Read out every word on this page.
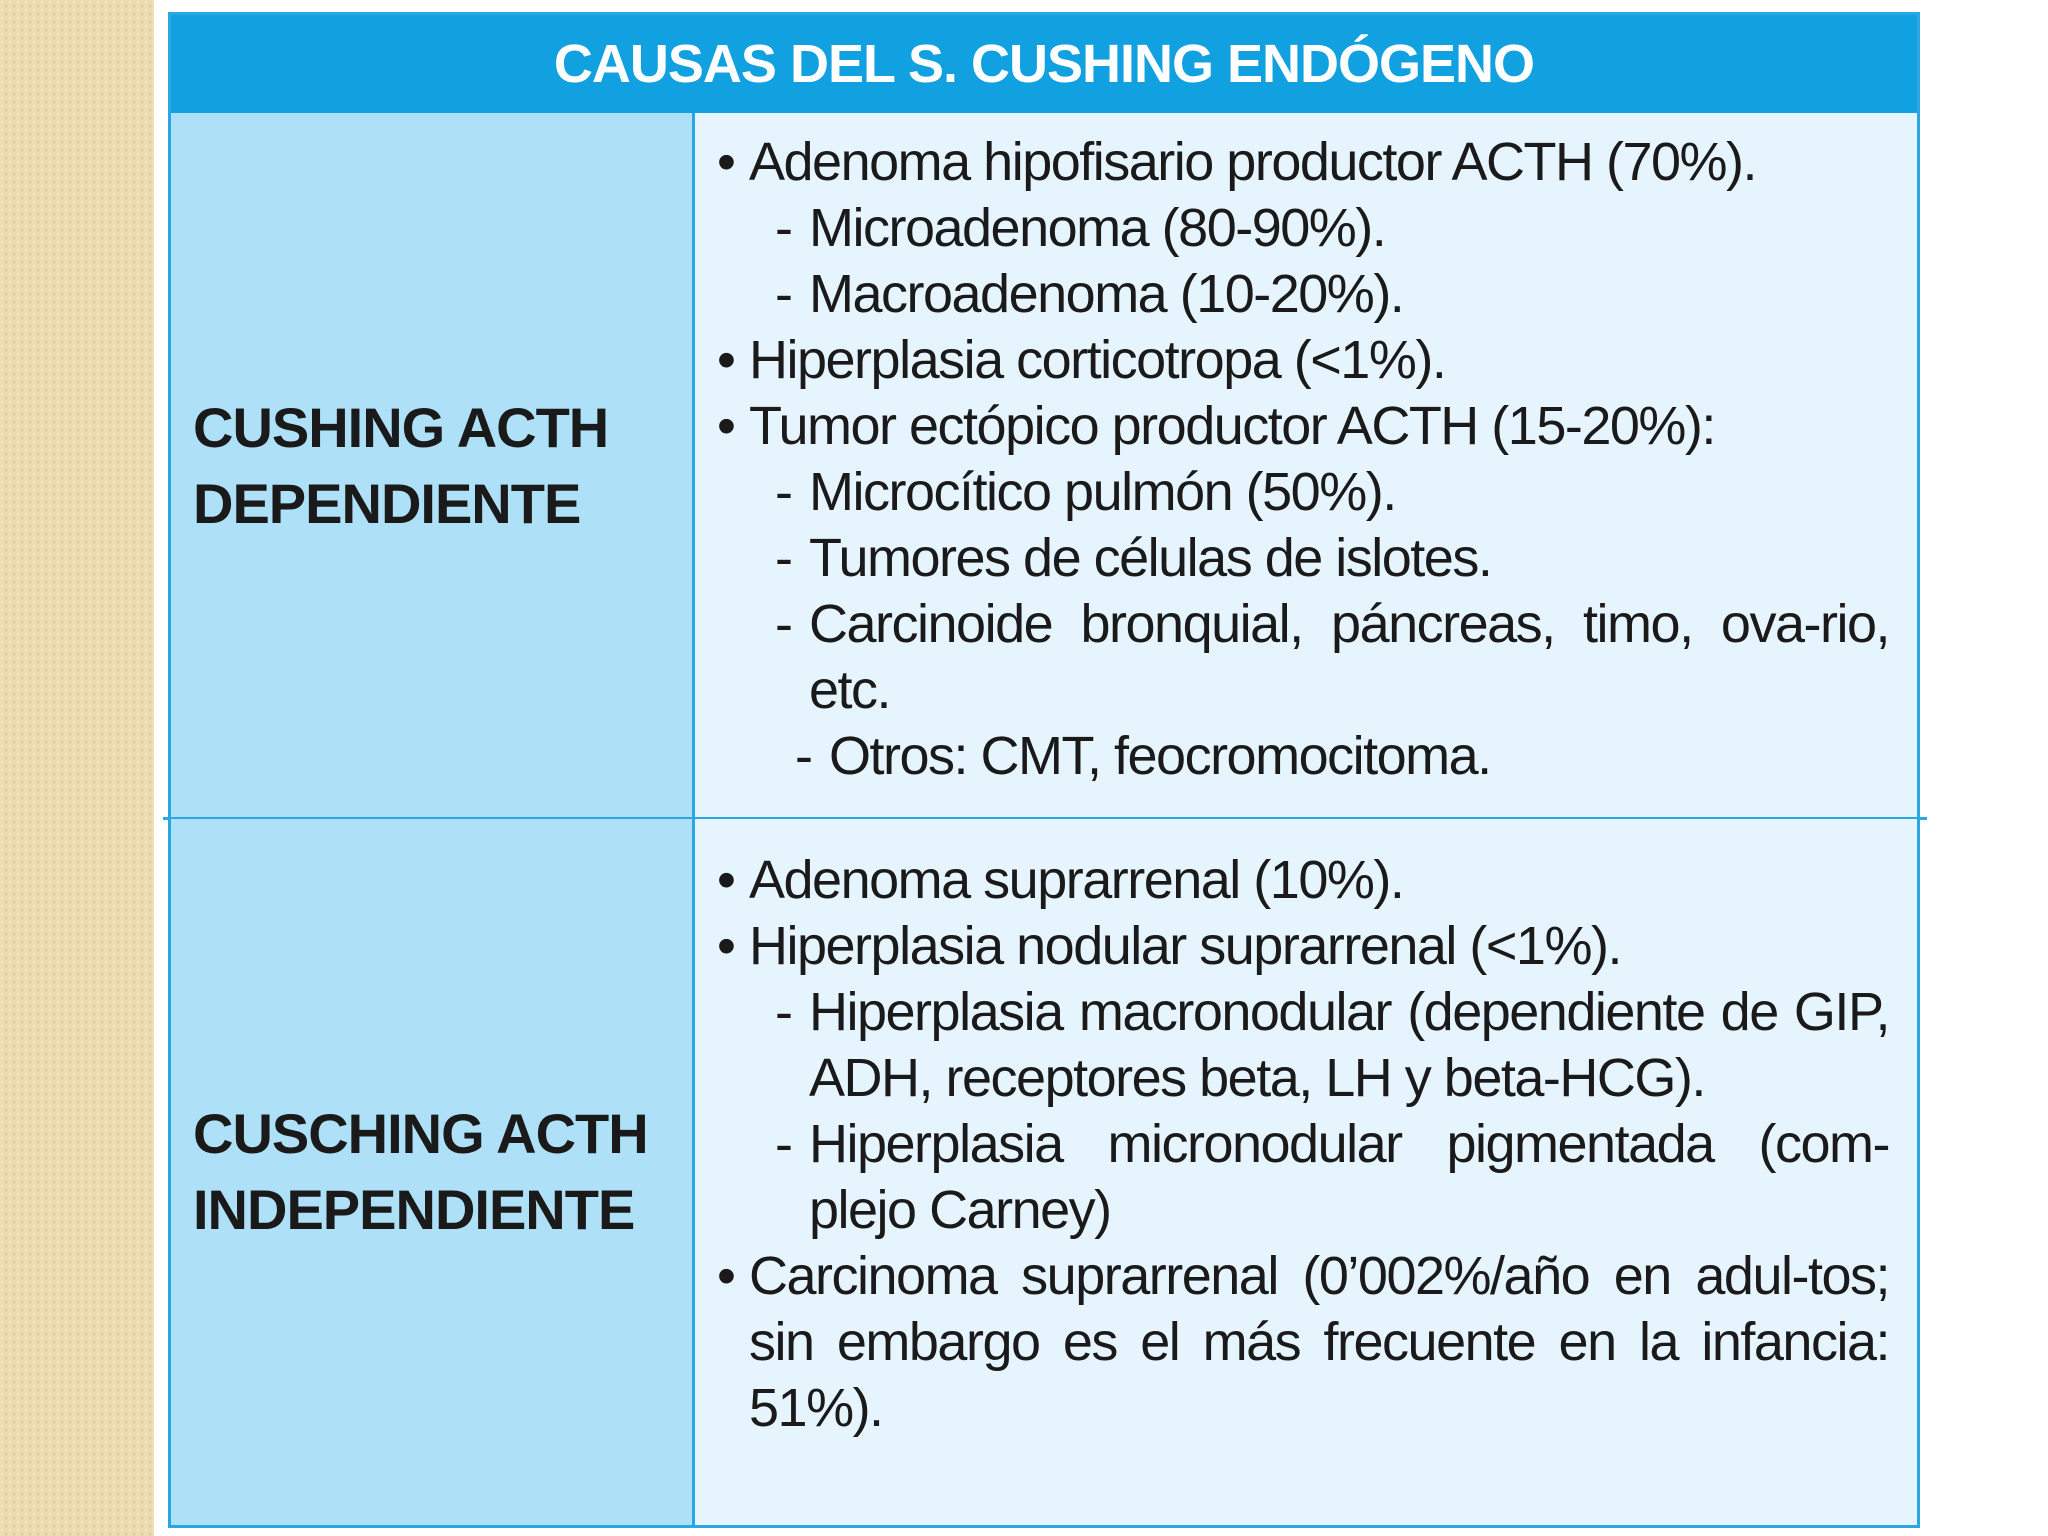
CAUSAS DEL S. CUSHING ENDÓGENO
CUSHING ACTH
DEPENDIENTE
• Adenoma hipofisario productor ACTH (70%).
- Microadenoma (80-90%).
- Macroadenoma (10-20%).
• Hiperplasia corticotropa (<1%).
• Tumor ectópico productor ACTH (15-20%):
- Microcítico pulmón (50%).
- Tumores de células de islotes.
- Carcinoide bronquial, páncreas, timo, ova-rio, etc.
- Otros: CMT, feocromocitoma.
CUSCHING ACTH
INDEPENDIENTE
• Adenoma suprarrenal (10%).
• Hiperplasia nodular suprarrenal (<1%).
- Hiperplasia macronodular (dependiente de GIP, ADH, receptores beta, LH y beta-HCG).
- Hiperplasia micronodular pigmentada (com-plejo Carney)
• Carcinoma suprarrenal (0’002%/año en adul-tos; sin embargo es el más frecuente en la infancia: 51%).
